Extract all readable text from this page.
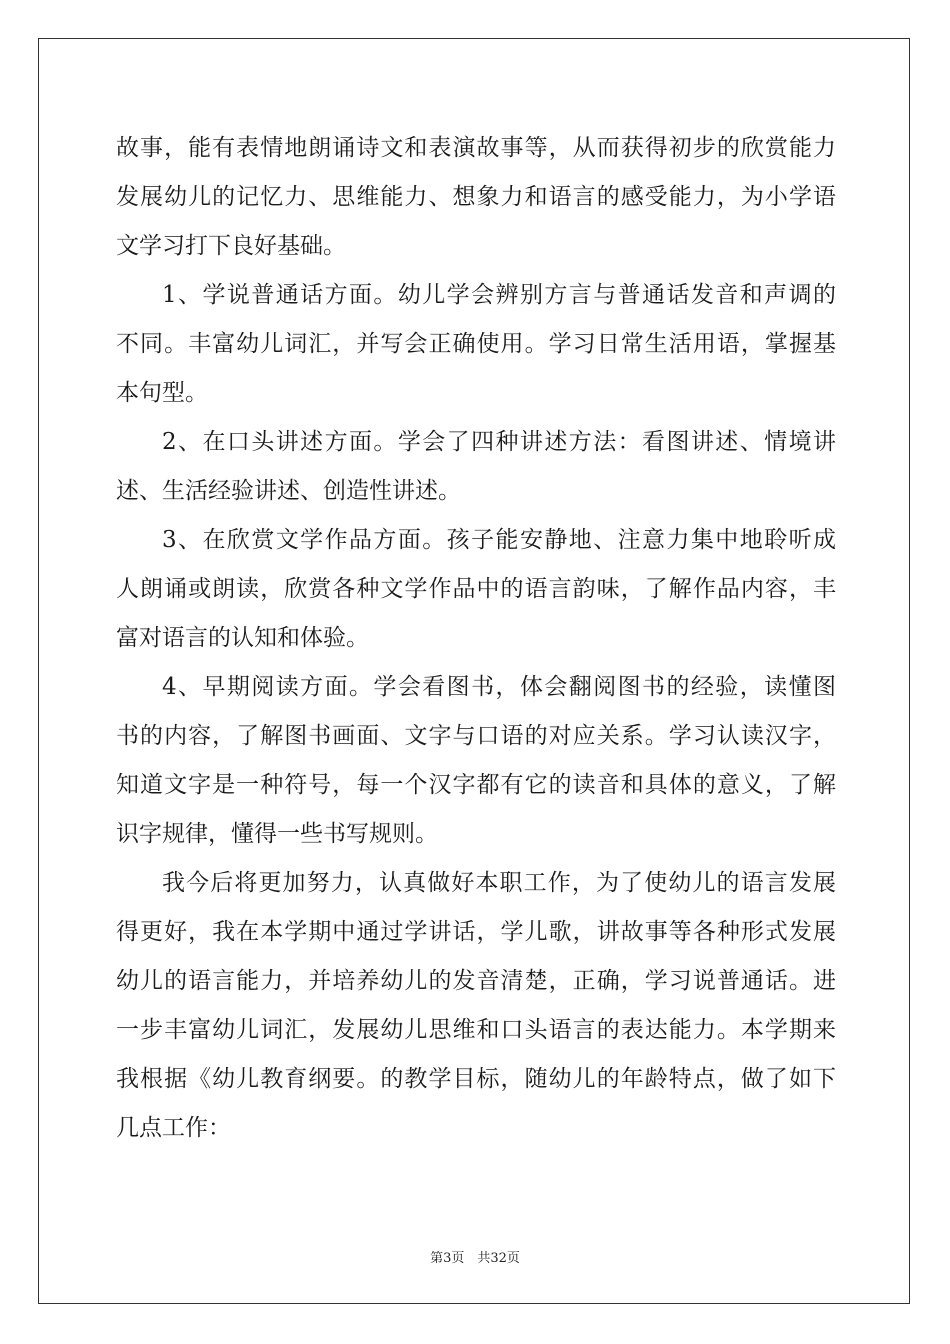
故事，能有表情地朗诵诗文和表演故事等，从而获得初步的欣赏能力
发展幼儿的记忆力、思维能力、想象力和语言的感受能力，为小学语
文学习打下良好基础。
1、学说普通话方面。幼儿学会辨别方言与普通话发音和声调的
不同。丰富幼儿词汇，并写会正确使用。学习日常生活用语，掌握基
本句型。
2、在口头讲述方面。学会了四种讲述方法：看图讲述、情境讲
述、生活经验讲述、创造性讲述。
3、在欣赏文学作品方面。孩子能安静地、注意力集中地聆听成
人朗诵或朗读，欣赏各种文学作品中的语言韵味，了解作品内容，丰
富对语言的认知和体验。
4、早期阅读方面。学会看图书，体会翻阅图书的经验，读懂图
书的内容，了解图书画面、文字与口语的对应关系。学习认读汉字，
知道文字是一种符号，每一个汉字都有它的读音和具体的意义，了解
识字规律，懂得一些书写规则。
我今后将更加努力，认真做好本职工作，为了使幼儿的语言发展
得更好，我在本学期中通过学讲话，学儿歌，讲故事等各种形式发展
幼儿的语言能力，并培养幼儿的发音清楚，正确，学习说普通话。进
一步丰富幼儿词汇，发展幼儿思维和口头语言的表达能力。本学期来
我根据《幼儿教育纲要。的教学目标，随幼儿的年龄特点，做了如下
几点工作：
第3页　共32页
